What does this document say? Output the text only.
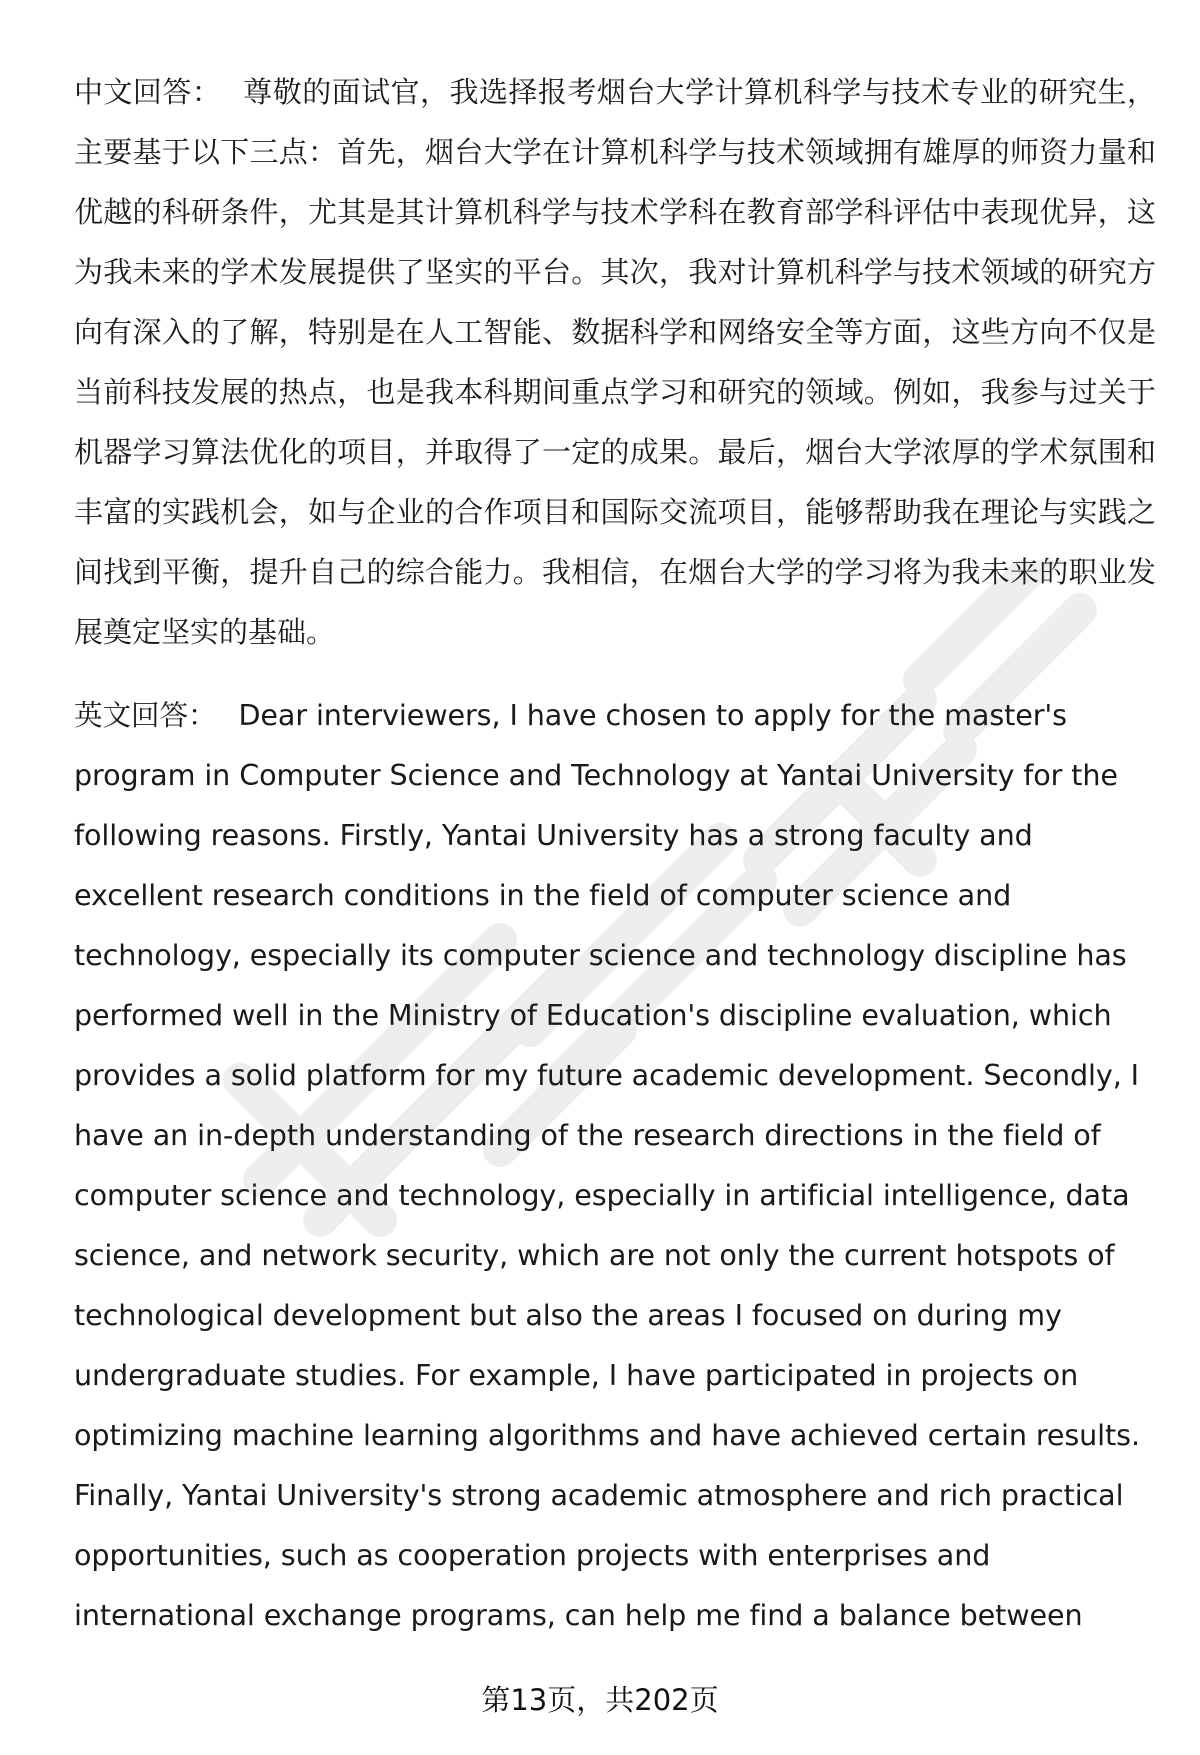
中文回答： 尊敬的面试官，我选择报考烟台大学计算机科学与技术专业的研究生，主要基于以下三点：首先，烟台大学在计算机科学与技术领域拥有雄厚的师资力量和优越的科研条件，尤其是其计算机科学与技术学科在教育部学科评估中表现优异，这为我未来的学术发展提供了坚实的平台。其次，我对计算机科学与技术领域的研究方向有深入的了解，特别是在人工智能、数据科学和网络安全等方面，这些方向不仅是当前科技发展的热点，也是我本科期间重点学习和研究的领域。例如，我参与过关于机器学习算法优化的项目，并取得了一定的成果。最后，烟台大学浓厚的学术氛围和丰富的实践机会，如与企业的合作项目和国际交流项目，能够帮助我在理论与实践之间找到平衡，提升自己的综合能力。我相信，在烟台大学的学习将为我未来的职业发展奠定坚实的基础。

英文回答： Dear interviewers, I have chosen to apply for the master's program in Computer Science and Technology at Yantai University for the following reasons. Firstly, Yantai University has a strong faculty and excellent research conditions in the field of computer science and technology, especially its computer science and technology discipline has performed well in the Ministry of Education's discipline evaluation, which provides a solid platform for my future academic development. Secondly, I have an in-depth understanding of the research directions in the field of computer science and technology, especially in artificial intelligence, data science, and network security, which are not only the current hotspots of technological development but also the areas I focused on during my undergraduate studies. For example, I have participated in projects on optimizing machine learning algorithms and have achieved certain results. Finally, Yantai University's strong academic atmosphere and rich practical opportunities, such as cooperation projects with enterprises and international exchange programs, can help me find a balance between

第13页，共202页
